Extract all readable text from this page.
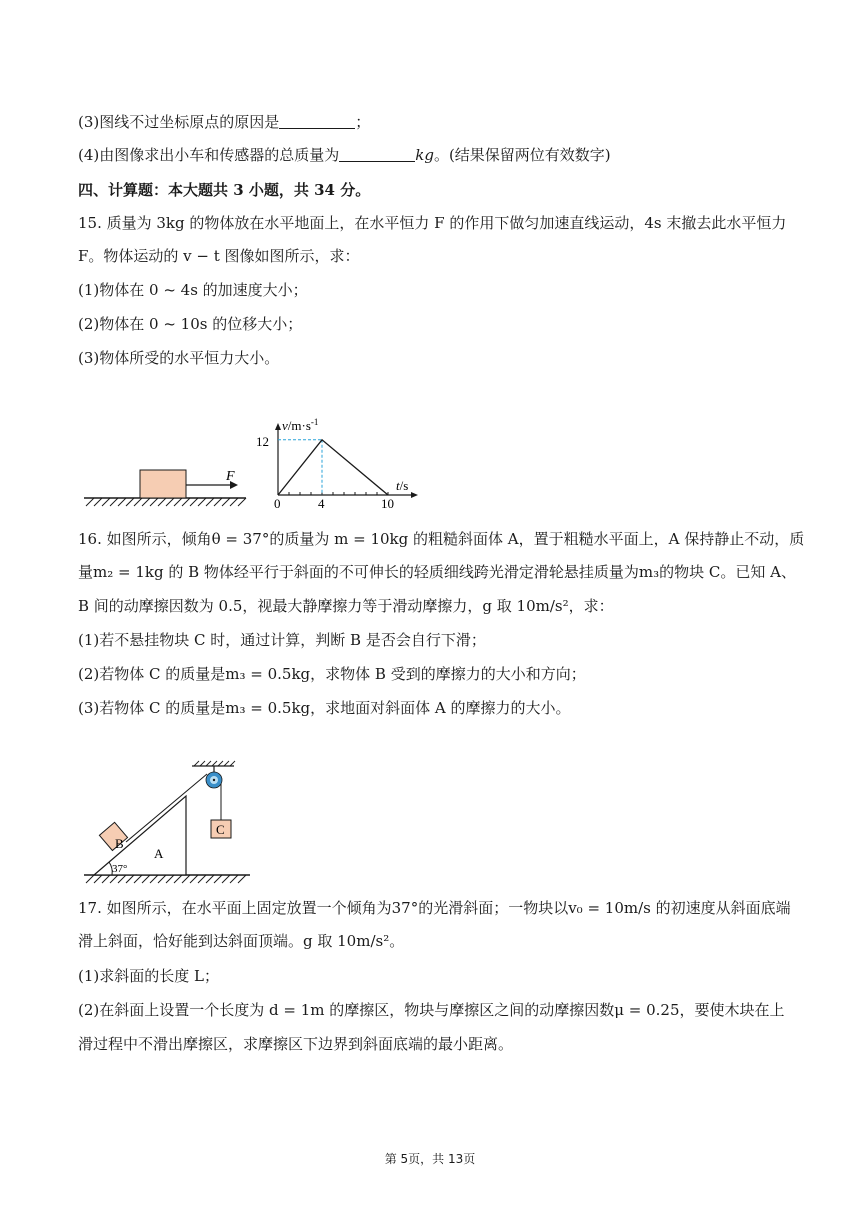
(3)图线不过坐标原点的原因是	；
(4)由图像求出小车和传感器的总质量为	kg。(结果保留两位有效数字)
四、计算题：本大题共 3 小题，共 34 分。
15. 质量为 3kg 的物体放在水平地面上，在水平恒力 F 的作用下做匀加速直线运动，4s 末撤去此水平恒力
F。物体运动的 v − t 图像如图所示，求：
(1)物体在 0 ~ 4s 的加速度大小；
(2)物体在 0 ~ 10s 的位移大小；
(3)物体所受的水平恒力大小。
F
12
0	4	10
$v/m\cdot s^{-1}$
t/s
16. 如图所示，倾角θ = 37°的质量为 m = 10kg 的粗糙斜面体 A，置于粗糙水平面上，A 保持静止不动，质
量m₂ = 1kg 的 B 物体经平行于斜面的不可伸长的轻质细线跨光滑定滑轮悬挂质量为m₃的物块 C。已知 A、
B 间的动摩擦因数为 0.5，视最大静摩擦力等于滑动摩擦力，g 取 10m/s²，求：
(1)若不悬挂物块 C 时，通过计算，判断 B 是否会自行下滑；
(2)若物体 C 的质量是m₃ = 0.5kg，求物体 B 受到的摩擦力的大小和方向；
(3)若物体 C 的质量是m₃ = 0.5kg，求地面对斜面体 A 的摩擦力的大小。
37°
A
B
C
17. 如图所示，在水平面上固定放置一个倾角为37°的光滑斜面；一物块以v₀ = 10m/s 的初速度从斜面底端
滑上斜面，恰好能到达斜面顶端。g 取 10m/s²。
(1)求斜面的长度 L；
(2)在斜面上设置一个长度为 d = 1m 的摩擦区，物块与摩擦区之间的动摩擦因数μ = 0.25，要使木块在上
滑过程中不滑出摩擦区，求摩擦区下边界到斜面底端的最小距离。
第 5页，共 13页
